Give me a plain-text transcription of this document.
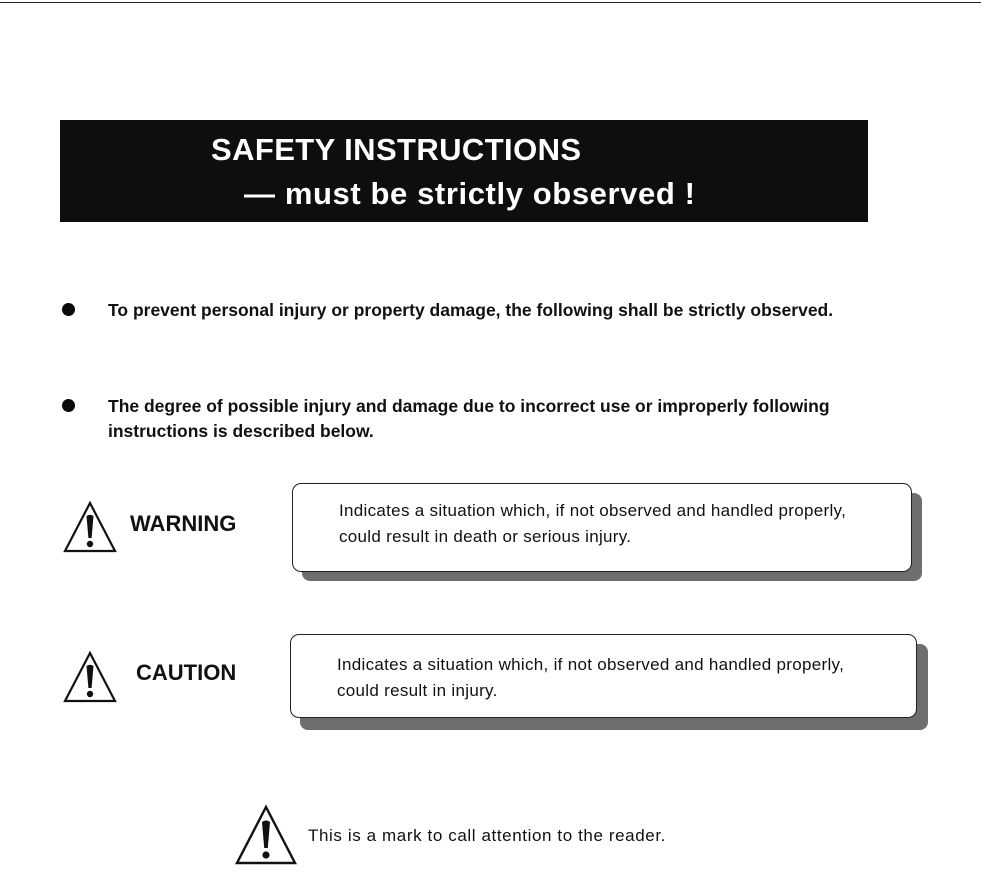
SAFETY INSTRUCTIONS
— must be strictly observed !
To prevent personal injury or property damage, the following shall be strictly observed.
The degree of possible injury and damage due to incorrect use or improperly following instructions is described below.
WARNING
Indicates a situation which, if not observed and handled properly, could result in death or serious injury.
CAUTION	Indicates a situation which, if not observed and handled properly, could result in injury.
This is a mark to call attention to the reader.
